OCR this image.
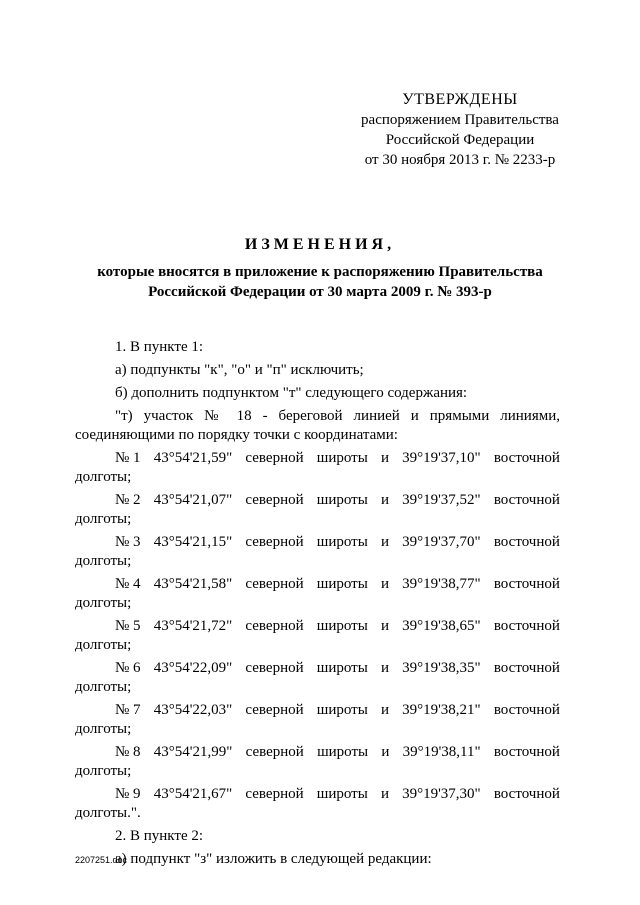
УТВЕРЖДЕНЫ
распоряжением Правительства
Российской Федерации
от 30 ноября 2013 г. № 2233-р
ИЗМЕНЕНИЯ,
которые вносятся в приложение к распоряжению Правительства Российской Федерации от 30 марта 2009 г. № 393-р

1. В пункте 1:

а) подпункты "к", "о" и "п" исключить;

б) дополнить подпунктом "т" следующего содержания:

"т) участок № 18 - береговой линией и прямыми линиями, соединяющими по порядку точки с координатами:

№ 1 43°54'21,59" северной широты и 39°19'37,10" восточной
долготы;
№ 2 43°54'21,07" северной широты и 39°19'37,52" восточной
долготы;
№ 3 43°54'21,15" северной широты и 39°19'37,70" восточной
долготы;
№ 4 43°54'21,58" северной широты и 39°19'38,77" восточной
долготы;
№ 5 43°54'21,72" северной широты и 39°19'38,65" восточной
долготы;
№ 6 43°54'22,09" северной широты и 39°19'38,35" восточной
долготы;
№ 7 43°54'22,03" северной широты и 39°19'38,21" восточной
долготы;
№ 8 43°54'21,99" северной широты и 39°19'38,11" восточной
долготы;
№ 9 43°54'21,67" северной широты и 39°19'37,30" восточной
долготы.".

2. В пункте 2:

а) подпункт "з" изложить в следующей редакции:

2207251.doc
